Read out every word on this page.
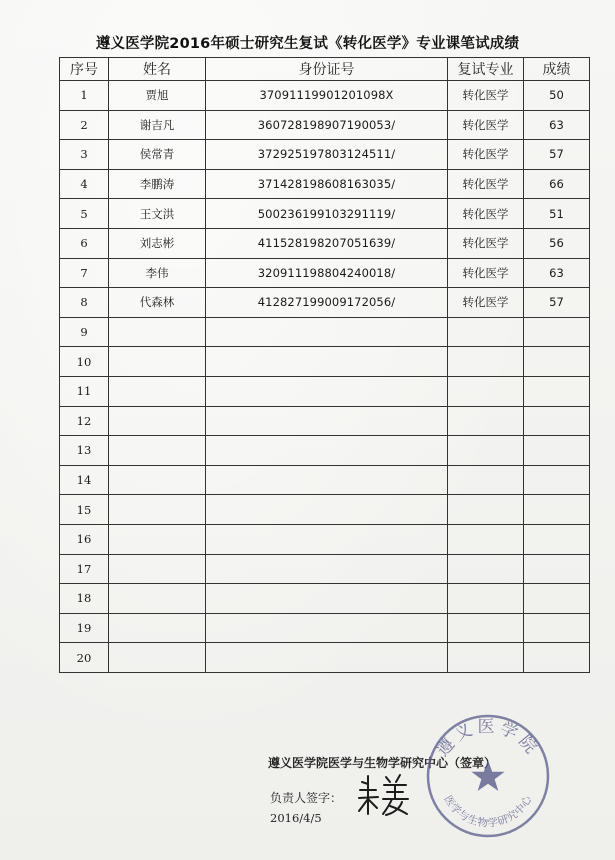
遵义医学院2016年硕士研究生复试《转化医学》专业课笔试成绩
序号	姓名	身份证号	复试专业	成绩
1	贾旭	37091119901201098X	转化医学	50
2	谢吉凡	360728198907190053/	转化医学	63
3	侯常青	372925197803124511/	转化医学	57
4	李鹏涛	371428198608163035/	转化医学	66
5	王文洪	500236199103291119/	转化医学	51
6	刘志彬	411528198207051639/	转化医学	56
7	李伟	320911198804240018/	转化医学	63
8	代森林	412827199009172056/	转化医学	57
9				
10				
11				
12				
13				
14				
15				
16				
17				
18				
19				
20				
遵义医学院医学与生物学研究中心（签章）
负责人签字：
2016/4/5
遵义医学院
医学与生物学研究中心
